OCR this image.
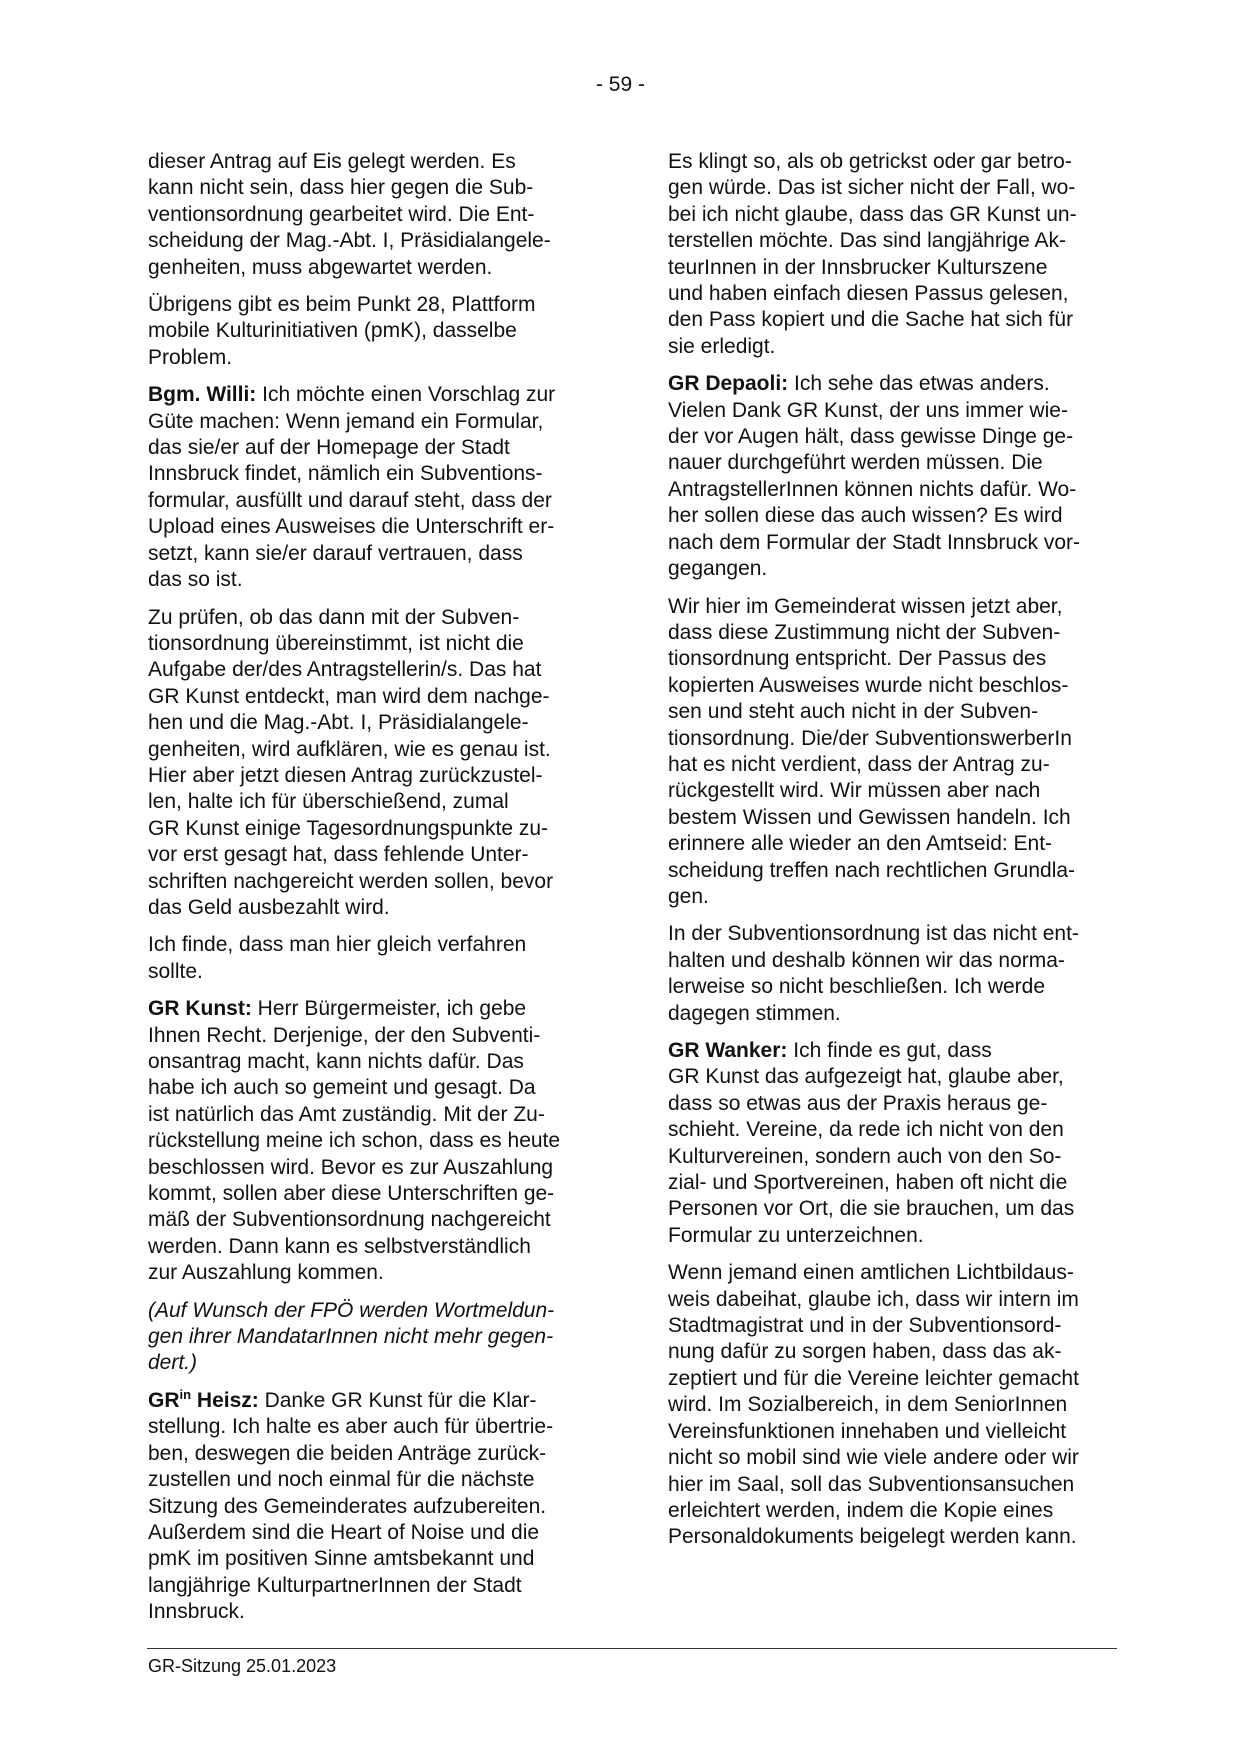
- 59 -
dieser Antrag auf Eis gelegt werden. Es
kann nicht sein, dass hier gegen die Sub-
ventionsordnung gearbeitet wird. Die Ent-
scheidung der Mag.-Abt. I, Präsidialangele-
genheiten, muss abgewartet werden.
Übrigens gibt es beim Punkt 28, Plattform
mobile Kulturinitiativen (pmK), dasselbe
Problem.
Bgm. Willi: Ich möchte einen Vorschlag zur
Güte machen: Wenn jemand ein Formular,
das sie/er auf der Homepage der Stadt
Innsbruck findet, nämlich ein Subventions-
formular, ausfüllt und darauf steht, dass der
Upload eines Ausweises die Unterschrift er-
setzt, kann sie/er darauf vertrauen, dass
das so ist.
Zu prüfen, ob das dann mit der Subven-
tionsordnung übereinstimmt, ist nicht die
Aufgabe der/des Antragstellerin/s. Das hat
GR Kunst entdeckt, man wird dem nachge-
hen und die Mag.-Abt. I, Präsidialangele-
genheiten, wird aufklären, wie es genau ist.
Hier aber jetzt diesen Antrag zurückzustel-
len, halte ich für überschießend, zumal
GR Kunst einige Tagesordnungspunkte zu-
vor erst gesagt hat, dass fehlende Unter-
schriften nachgereicht werden sollen, bevor
das Geld ausbezahlt wird.
Ich finde, dass man hier gleich verfahren
sollte.
GR Kunst: Herr Bürgermeister, ich gebe
Ihnen Recht. Derjenige, der den Subventi-
onsantrag macht, kann nichts dafür. Das
habe ich auch so gemeint und gesagt. Da
ist natürlich das Amt zuständig. Mit der Zu-
rückstellung meine ich schon, dass es heute
beschlossen wird. Bevor es zur Auszahlung
kommt, sollen aber diese Unterschriften ge-
mäß der Subventionsordnung nachgereicht
werden. Dann kann es selbstverständlich
zur Auszahlung kommen.
(Auf Wunsch der FPÖ werden Wortmeldun-
gen ihrer MandatarInnen nicht mehr gegen-
dert.)
$GR^{in}$ Heisz: Danke GR Kunst für die Klar-
stellung. Ich halte es aber auch für übertrie-
ben, deswegen die beiden Anträge zurück-
zustellen und noch einmal für die nächste
Sitzung des Gemeinderates aufzubereiten.
Außerdem sind die Heart of Noise und die
pmK im positiven Sinne amtsbekannt und
langjährige KulturpartnerInnen der Stadt
Innsbruck.
Es klingt so, als ob getrickst oder gar betro-
gen würde. Das ist sicher nicht der Fall, wo-
bei ich nicht glaube, dass das GR Kunst un-
terstellen möchte. Das sind langjährige Ak-
teurInnen in der Innsbrucker Kulturszene
und haben einfach diesen Passus gelesen,
den Pass kopiert und die Sache hat sich für
sie erledigt.
GR Depaoli: Ich sehe das etwas anders.
Vielen Dank GR Kunst, der uns immer wie-
der vor Augen hält, dass gewisse Dinge ge-
nauer durchgeführt werden müssen. Die
AntragstellerInnen können nichts dafür. Wo-
her sollen diese das auch wissen? Es wird
nach dem Formular der Stadt Innsbruck vor-
gegangen.
Wir hier im Gemeinderat wissen jetzt aber,
dass diese Zustimmung nicht der Subven-
tionsordnung entspricht. Der Passus des
kopierten Ausweises wurde nicht beschlos-
sen und steht auch nicht in der Subven-
tionsordnung. Die/der SubventionswerberIn
hat es nicht verdient, dass der Antrag zu-
rückgestellt wird. Wir müssen aber nach
bestem Wissen und Gewissen handeln. Ich
erinnere alle wieder an den Amtseid: Ent-
scheidung treffen nach rechtlichen Grundla-
gen.
In der Subventionsordnung ist das nicht ent-
halten und deshalb können wir das norma-
lerweise so nicht beschließen. Ich werde
dagegen stimmen.
GR Wanker: Ich finde es gut, dass
GR Kunst das aufgezeigt hat, glaube aber,
dass so etwas aus der Praxis heraus ge-
schieht. Vereine, da rede ich nicht von den
Kulturvereinen, sondern auch von den So-
zial- und Sportvereinen, haben oft nicht die
Personen vor Ort, die sie brauchen, um das
Formular zu unterzeichnen.
Wenn jemand einen amtlichen Lichtbildaus-
weis dabeihat, glaube ich, dass wir intern im
Stadtmagistrat und in der Subventionsord-
nung dafür zu sorgen haben, dass das ak-
zeptiert und für die Vereine leichter gemacht
wird. Im Sozialbereich, in dem SeniorInnen
Vereinsfunktionen innehaben und vielleicht
nicht so mobil sind wie viele andere oder wir
hier im Saal, soll das Subventionsansuchen
erleichtert werden, indem die Kopie eines
Personaldokuments beigelegt werden kann.
GR-Sitzung 25.01.2023
